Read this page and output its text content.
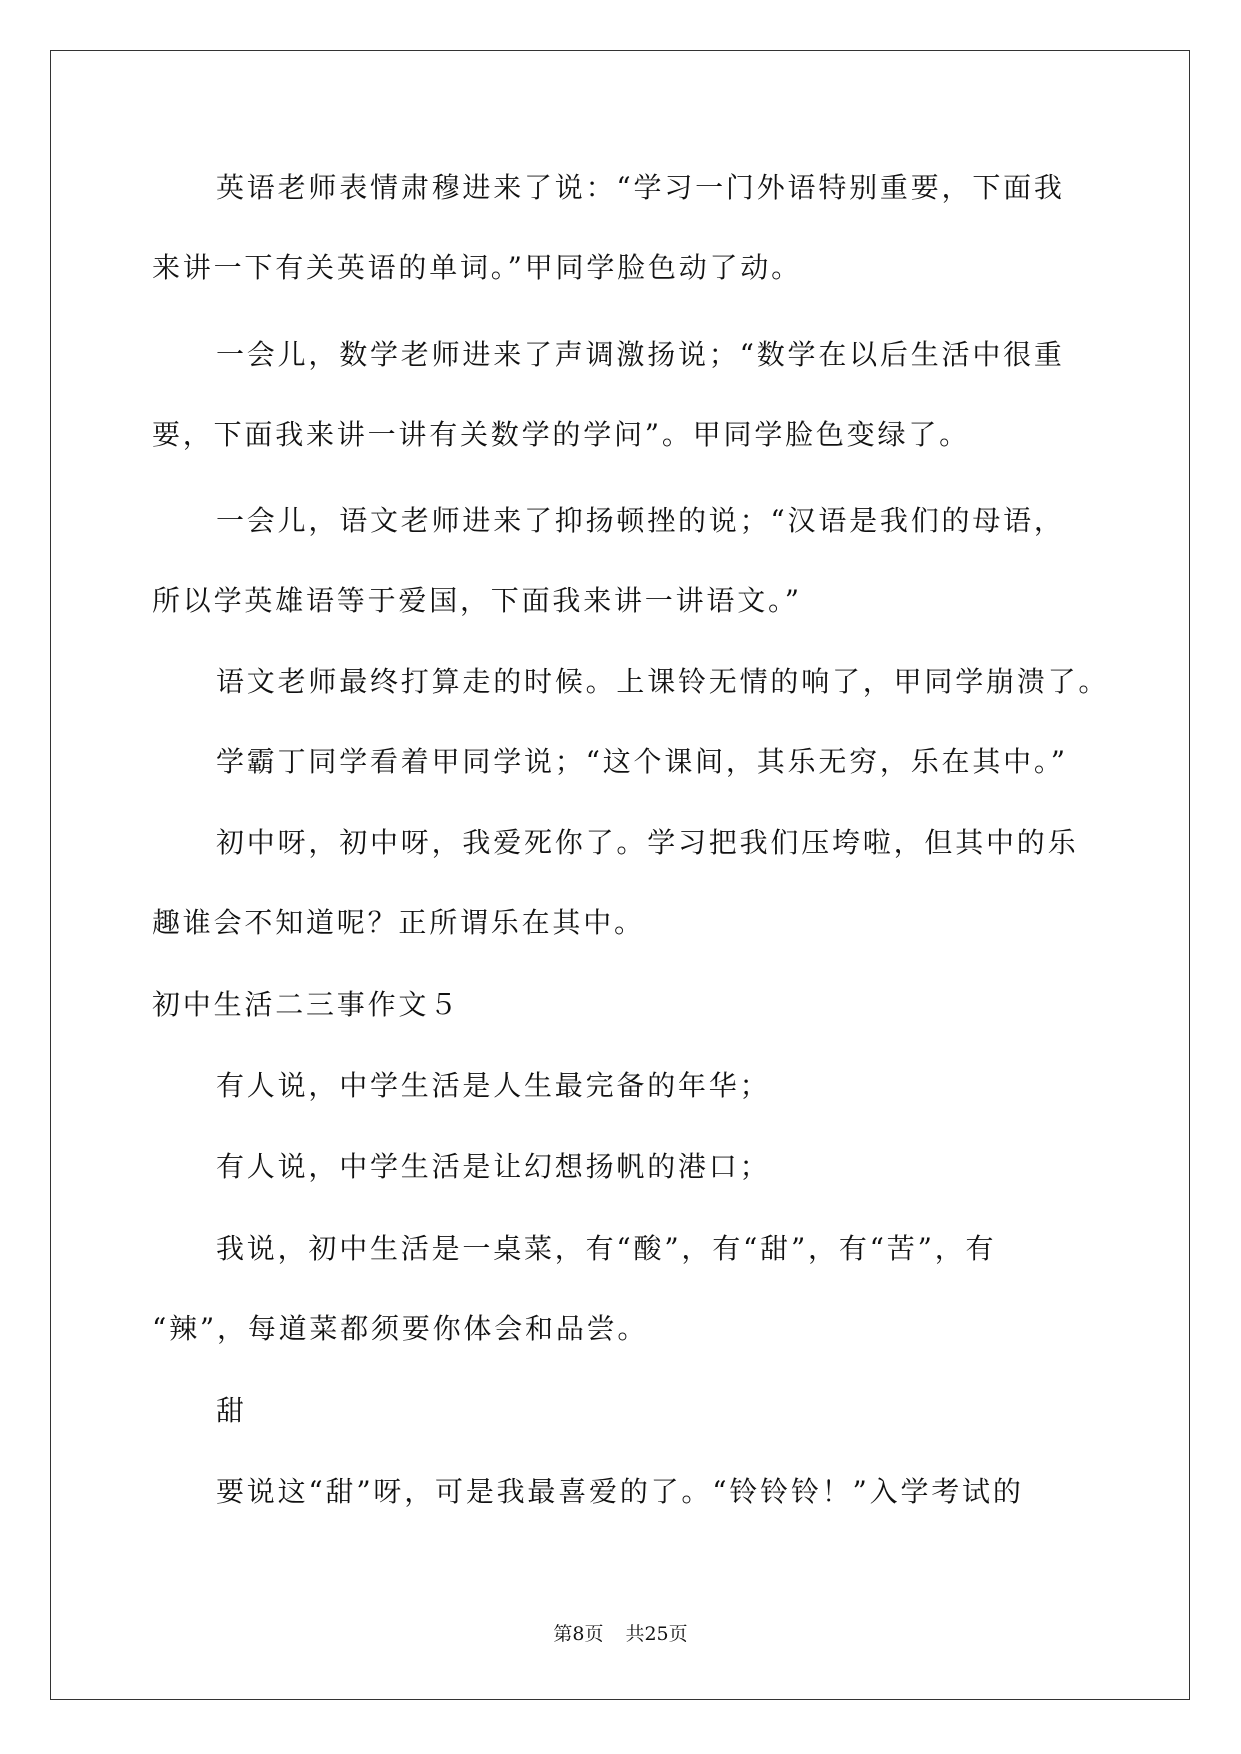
英语老师表情肃穆进来了说：“学习一门外语特别重要，下面我
来讲一下有关英语的单词。”甲同学脸色动了动。
一会儿，数学老师进来了声调激扬说；“数学在以后生活中很重
要，下面我来讲一讲有关数学的学问”。甲同学脸色变绿了。
一会儿，语文老师进来了抑扬顿挫的说；“汉语是我们的母语，
所以学英雄语等于爱国，下面我来讲一讲语文。”
语文老师最终打算走的时候。上课铃无情的响了，甲同学崩溃了。
学霸丁同学看着甲同学说；“这个课间，其乐无穷，乐在其中。”
初中呀，初中呀，我爱死你了。学习把我们压垮啦，但其中的乐
趣谁会不知道呢？正所谓乐在其中。
初中生活二三事作文５
有人说，中学生活是人生最完备的年华；
有人说，中学生活是让幻想扬帆的港口；
我说，初中生活是一桌菜，有“酸”，有“甜”，有“苦”，有
“辣”，每道菜都须要你体会和品尝。
甜
要说这“甜”呀，可是我最喜爱的了。“铃铃铃！”入学考试的
第8页 共25页
